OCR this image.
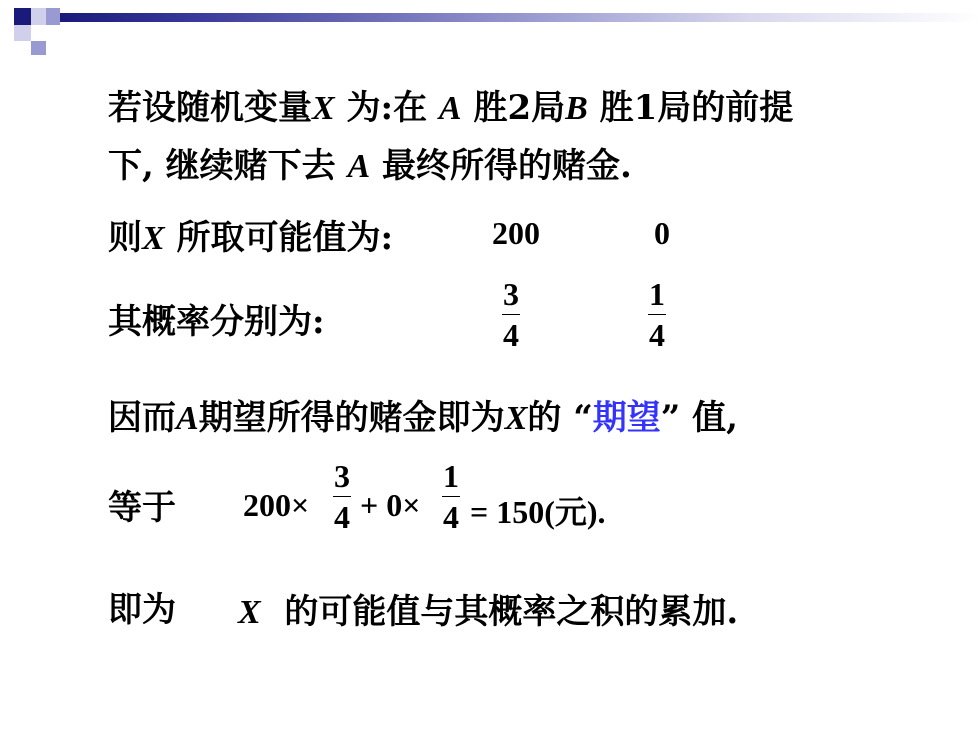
若设随机变量X 为:在 A 胜2局B 胜1局的前提
下, 继续赌下去 A 最终所得的赌金.
则X 所取可能值为:	200	0
其概率分别为:
3
4
1
4
因而A期望所得的赌金即为X的 “期望” 值,
等于 200×
3
4 + 0×
1
4 = 150(元).
即为 X 的可能值与其概率之积的累加.
